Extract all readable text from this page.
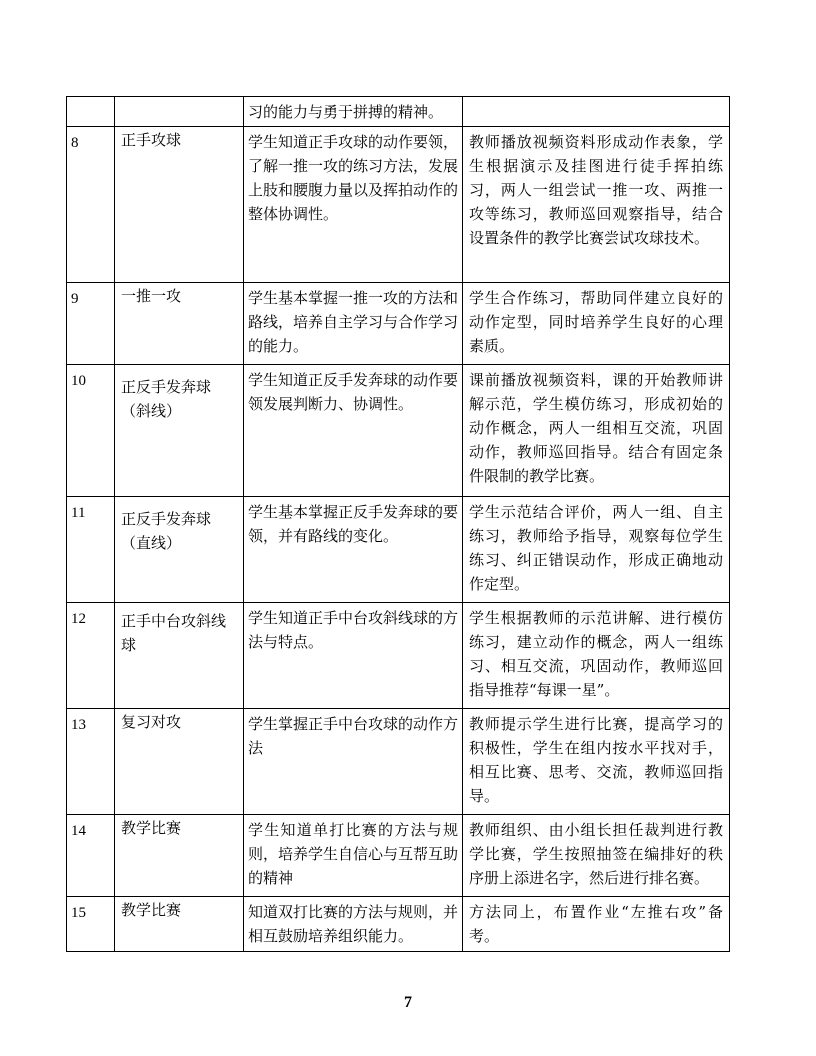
		习的能力与勇于拼搏的精神。	
8	正手攻球	学生知道正手攻球的动作要领，了解一推一攻的练习方法，发展上肢和腰腹力量以及挥拍动作的整体协调性。	教师播放视频资料形成动作表象，学生根据演示及挂图进行徒手挥拍练习，两人一组尝试一推一攻、两推一攻等练习，教师巡回观察指导，结合设置条件的教学比赛尝试攻球技术。
9	一推一攻	学生基本掌握一推一攻的方法和路线，培养自主学习与合作学习的能力。	学生合作练习，帮助同伴建立良好的动作定型，同时培养学生良好的心理素质。
10	正反手发奔球（斜线）	学生知道正反手发奔球的动作要领发展判断力、协调性。	课前播放视频资料，课的开始教师讲解示范，学生模仿练习，形成初始的动作概念，两人一组相互交流，巩固动作，教师巡回指导。结合有固定条件限制的教学比赛。
11	正反手发奔球（直线）	学生基本掌握正反手发奔球的要领，并有路线的变化。	学生示范结合评价，两人一组、自主练习，教师给予指导，观察每位学生练习、纠正错误动作，形成正确地动作定型。
12	正手中台攻斜线球	学生知道正手中台攻斜线球的方法与特点。	学生根据教师的示范讲解、进行模仿练习，建立动作的概念，两人一组练习、相互交流，巩固动作，教师巡回指导推荐“每课一星”。
13	复习对攻	学生掌握正手中台攻球的动作方法	教师提示学生进行比赛，提高学习的积极性，学生在组内按水平找对手，相互比赛、思考、交流，教师巡回指导。
14	教学比赛	学生知道单打比赛的方法与规则，培养学生自信心与互帮互助的精神	教师组织、由小组长担任裁判进行教学比赛，学生按照抽签在编排好的秩序册上添进名字，然后进行排名赛。
15	教学比赛	知道双打比赛的方法与规则，并相互鼓励培养组织能力。	方法同上，布置作业“左推右攻”备考。
7
